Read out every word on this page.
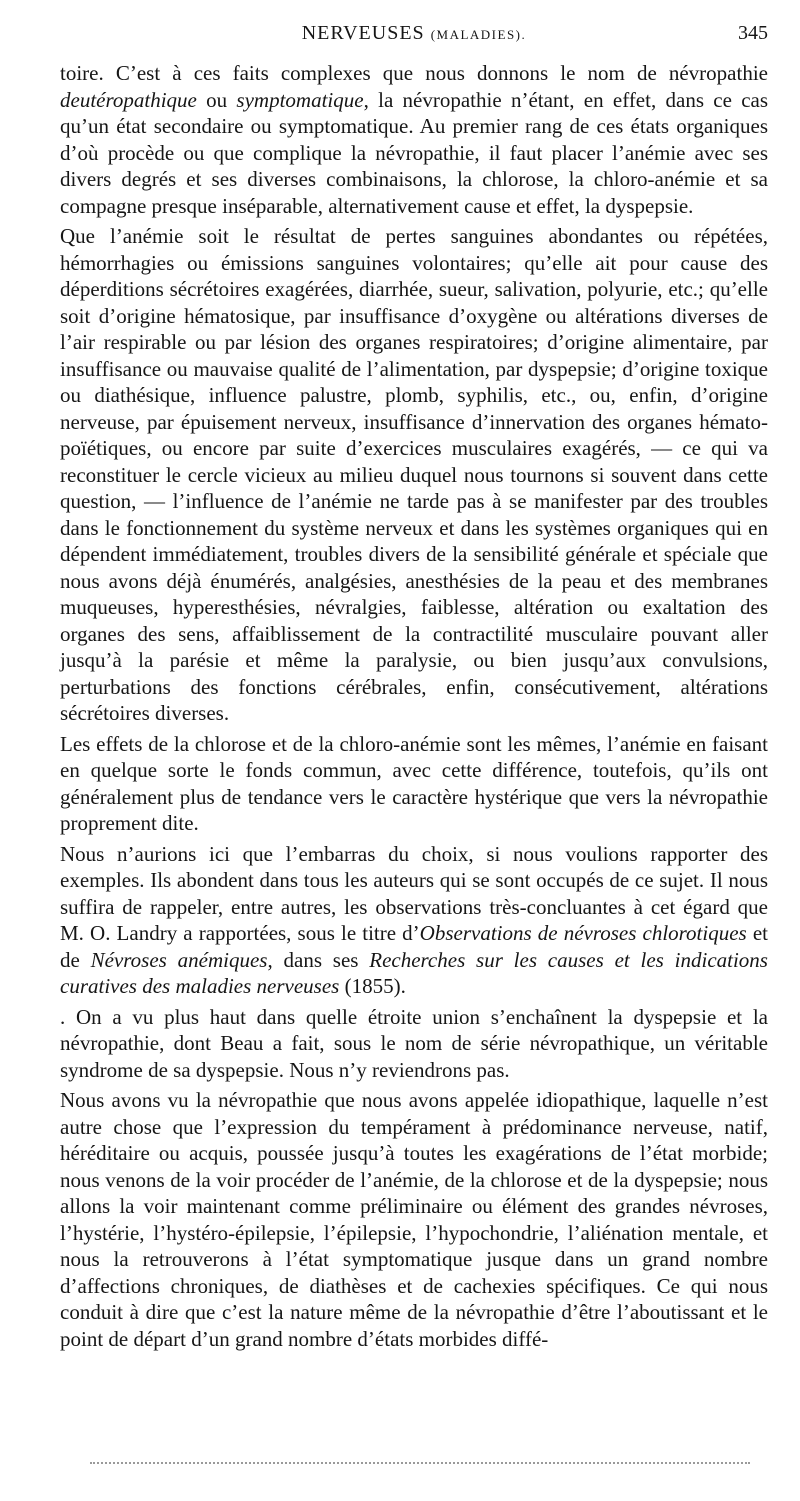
NERVEUSES (MALADIES).	345

toire. C’est à ces faits complexes que nous donnons le nom de névropathie deutéropathique ou symptomatique, la névropathie n’étant, en effet, dans ce cas qu’un état secondaire ou symptomatique. Au premier rang de ces états organiques d’où procède ou que complique la névropathie, il faut placer l’anémie avec ses divers degrés et ses diverses combinaisons, la chlorose, la chloro-anémie et sa compagne presque inséparable, alternativement cause et effet, la dyspepsie.

Que l’anémie soit le résultat de pertes sanguines abondantes ou répétées, hémorrhagies ou émissions sanguines volontaires; qu’elle ait pour cause des déperditions sécrétoires exagérées, diarrhée, sueur, salivation, polyurie, etc.; qu’elle soit d’origine hématosique, par insuffisance d’oxygène ou altérations diverses de l’air respirable ou par lésion des organes respiratoires; d’origine alimentaire, par insuffisance ou mauvaise qualité de l’alimentation, par dyspepsie; d’origine toxique ou diathésique, influence palustre, plomb, syphilis, etc., ou, enfin, d’origine nerveuse, par épuisement nerveux, insuffisance d’innervation des organes hémato-poïétiques, ou encore par suite d’exercices musculaires exagérés, — ce qui va reconstituer le cercle vicieux au milieu duquel nous tournons si souvent dans cette question, — l’influence de l’anémie ne tarde pas à se manifester par des troubles dans le fonctionnement du système nerveux et dans les systèmes organiques qui en dépendent immédiatement, troubles divers de la sensibilité générale et spéciale que nous avons déjà énumérés, analgésies, anesthésies de la peau et des membranes muqueuses, hyperesthésies, névralgies, faiblesse, altération ou exaltation des organes des sens, affaiblissement de la contractilité musculaire pouvant aller jusqu’à la parésie et même la paralysie, ou bien jusqu’aux convulsions, perturbations des fonctions cérébrales, enfin, consécutivement, altérations sécrétoires diverses.

Les effets de la chlorose et de la chloro-anémie sont les mêmes, l’anémie en faisant en quelque sorte le fonds commun, avec cette différence, toutefois, qu’ils ont généralement plus de tendance vers le caractère hystérique que vers la névropathie proprement dite.

Nous n’aurions ici que l’embarras du choix, si nous voulions rapporter des exemples. Ils abondent dans tous les auteurs qui se sont occupés de ce sujet. Il nous suffira de rappeler, entre autres, les observations très-concluantes à cet égard que M. O. Landry a rapportées, sous le titre d’Observations de névroses chlorotiques et de Névroses anémiques, dans ses Recherches sur les causes et les indications curatives des maladies nerveuses (1855).

. On a vu plus haut dans quelle étroite union s’enchaînent la dyspepsie et la névropathie, dont Beau a fait, sous le nom de série névropathique, un véritable syndrome de sa dyspepsie. Nous n’y reviendrons pas.

Nous avons vu la névropathie que nous avons appelée idiopathique, laquelle n’est autre chose que l’expression du tempérament à prédominance nerveuse, natif, héréditaire ou acquis, poussée jusqu’à toutes les exagérations de l’état morbide; nous venons de la voir procéder de l’anémie, de la chlorose et de la dyspepsie; nous allons la voir maintenant comme préliminaire ou élément des grandes névroses, l’hystérie, l’hystéro-épilepsie, l’épilepsie, l’hypochondrie, l’aliénation mentale, et nous la retrouverons à l’état symptomatique jusque dans un grand nombre d’affections chroniques, de diathèses et de cachexies spécifiques. Ce qui nous conduit à dire que c’est la nature même de la névropathie d’être l’aboutissant et le point de départ d’un grand nombre d’états morbides diffé-
